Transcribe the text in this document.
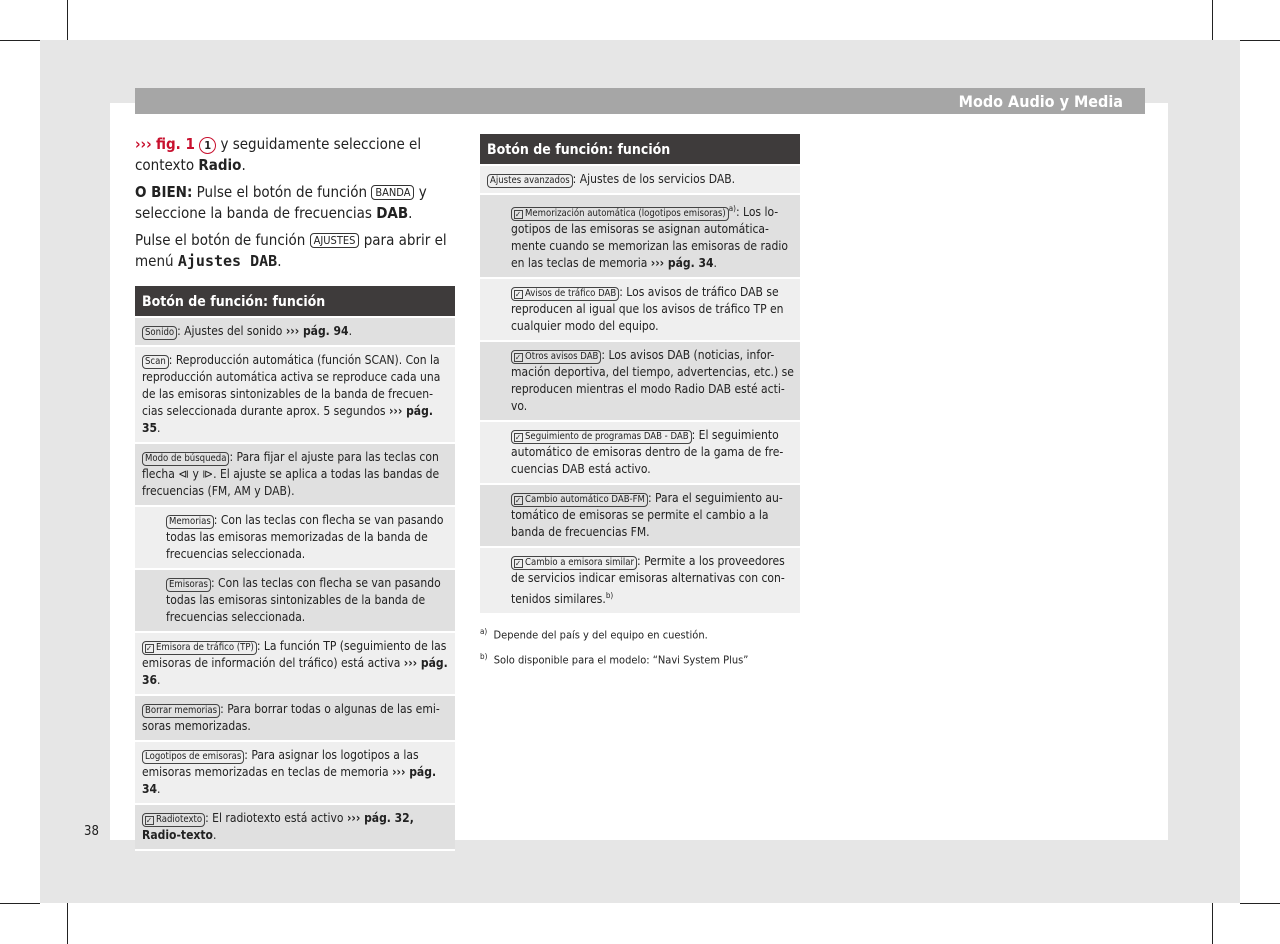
Modo Audio y Media

››› fig. 1 1 y seguidamente seleccione el contexto Radio.

O BIEN: Pulse el botón de función BANDA y seleccione la banda de frecuencias DAB.

Pulse el botón de función AJUSTES para abrir el menú Ajustes DAB.

Botón de función: función
Sonido : Ajustes del sonido ››› pág. 94.
Scan : Reproducción automática (función SCAN). Con la reproducción automática activa se reproduce cada una de las emisoras sintonizables de la banda de frecuen-cias seleccionada durante aprox. 5 segundos ››› pág. 35.
Modo de búsqueda : Para fijar el ajuste para las teclas con flecha ⧏ y ⧐. El ajuste se aplica a todas las bandas de frecuencias (FM, AM y DAB).
Memorias : Con las teclas con flecha se van pasando todas las emisoras memorizadas de la banda de frecuencias seleccionada.
Emisoras : Con las teclas con flecha se van pasando todas las emisoras sintonizables de la banda de frecuencias seleccionada.
✓ Emisora de tráfico (TP) : La función TP (seguimiento de las emisoras de información del tráfico) está activa ››› pág. 36.
Borrar memorias : Para borrar todas o algunas de las emi-soras memorizadas.
Logotipos de emisoras : Para asignar los logotipos a las emisoras memorizadas en teclas de memoria ››› pág. 34.
✓ Radiotexto : El radiotexto está activo ››› pág. 32, Radio-texto.
Botón de función: función
Ajustes avanzados : Ajustes de los servicios DAB.
✓ Memorización automática (logotipos emisoras) $^{a)}$: Los lo-gotipos de las emisoras se asignan automática-mente cuando se memorizan las emisoras de radio en las teclas de memoria ››› pág. 34.
✓ Avisos de tráfico DAB : Los avisos de tráfico DAB se reproducen al igual que los avisos de tráfico TP en cualquier modo del equipo.
✓ Otros avisos DAB : Los avisos DAB (noticias, infor-mación deportiva, del tiempo, advertencias, etc.) se reproducen mientras el modo Radio DAB esté acti-vo.
✓ Seguimiento de programas DAB - DAB : El seguimiento automático de emisoras dentro de la gama de fre-cuencias DAB está activo.
✓ Cambio automático DAB-FM : Para el seguimiento au-tomático de emisoras se permite el cambio a la banda de frecuencias FM.
✓ Cambio a emisora similar : Permite a los proveedores de servicios indicar emisoras alternativas con con-tenidos similares.$^{b)}$

$^{a)}$ Depende del país y del equipo en cuestión.

$^{b)}$ Solo disponible para el modelo: “Navi System Plus”

38
